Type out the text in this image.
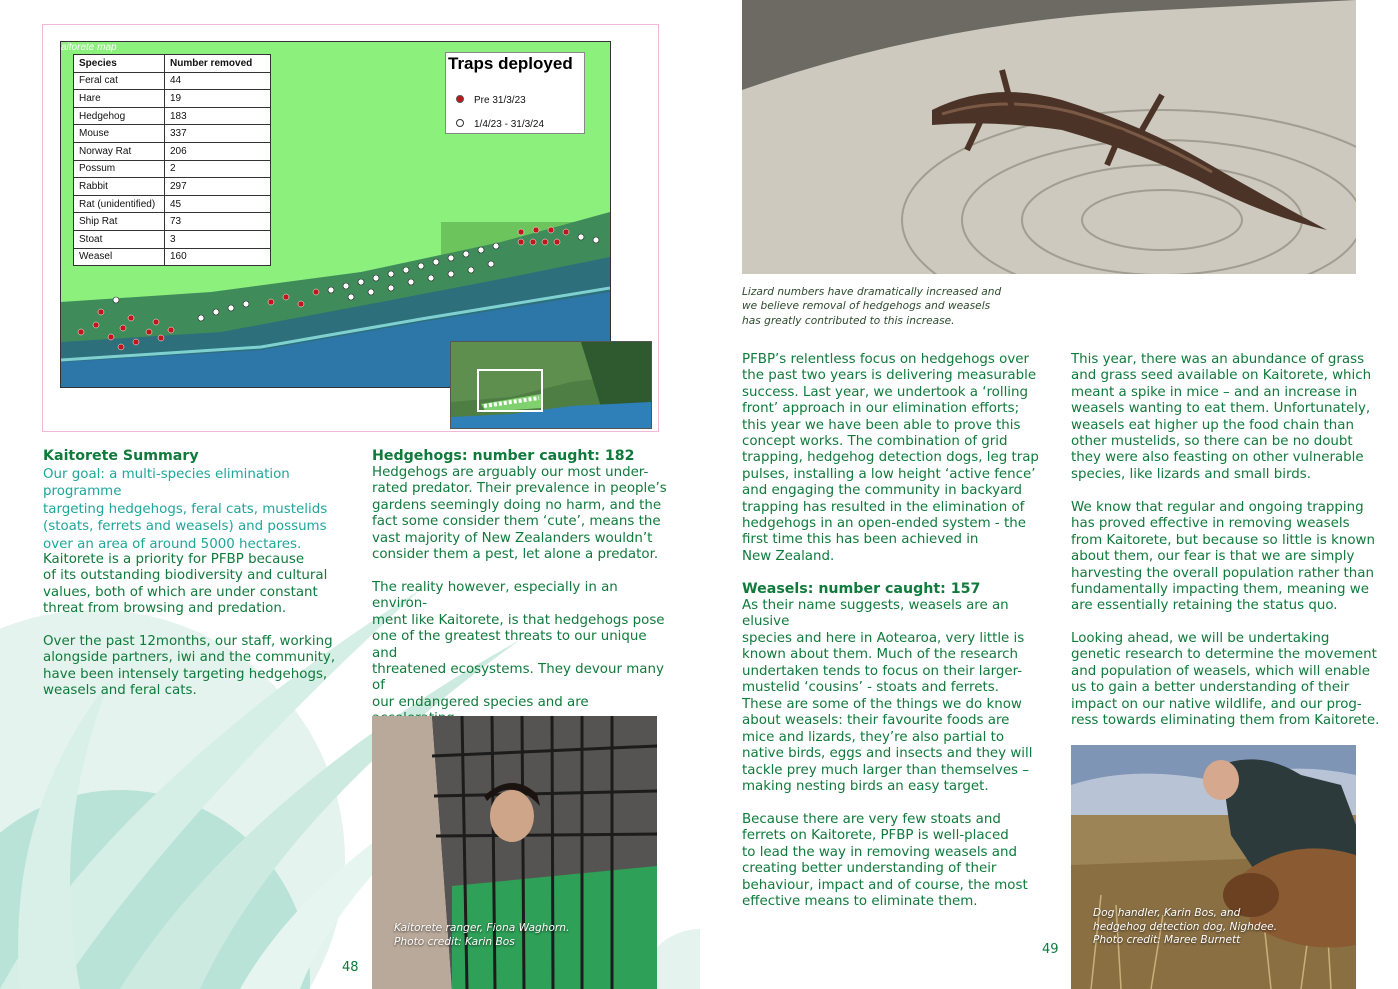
aitorete map
Species	Number removed
Feral cat	44
Hare	19
Hedgehog	183
Mouse	337
Norway Rat	206
Possum	2
Rabbit	297
Rat (unidentified)	45
Ship Rat	73
Stoat	3
Weasel	160
Traps deployed
Pre 31/3/23
1/4/23 - 31/3/24
Kaitorete Summary
Our goal: a multi-species elimination programme
targeting hedgehogs, feral cats, mustelids
(stoats, ferrets and weasels) and possums
over an area of around 5000 hectares.
Kaitorete is a priority for PFBP because
of its outstanding biodiversity and cultural
values, both of which are under constant
threat from browsing and predation.
Over the past 12months, our staff, working
alongside partners, iwi and the community,
have been intensely targeting hedgehogs,
weasels and feral cats.
Hedgehogs: number caught: 182
Hedgehogs are arguably our most under-
rated predator. Their prevalence in people’s
gardens seemingly doing no harm, and the
fact some consider them ‘cute’, means the
vast majority of New Zealanders wouldn’t
consider them a pest, let alone a predator.
The reality however, especially in an environ-
ment like Kaitorete, is that hedgehogs pose
one of the greatest threats to our unique and
threatened ecosystems. They devour many of
our endangered species and are

Kaitorete ranger, Fiona Waghorn.
Photo credit: Karin Bos
48
Lizard numbers have dramatically increased and
we believe removal of hedgehogs and weasels
has greatly contributed to this increase.
PFBP’s relentless focus on hedgehogs over
the past two years is delivering measurable
success. Last year, we undertook a ‘rolling
front’ approach in our elimination efforts;
this year we have been able to prove this
concept works. The combination of grid
trapping, hedgehog detection dogs, leg trap
pulses, installing a low height ‘active fence’
and engaging the community in backyard
trapping has resulted in the elimination of
hedgehogs in an open-ended system - the
first time this has been achieved in
New Zealand.
Weasels: number caught: 157
As their name suggests, weasels are an elusive
species and here in Aotearoa, very little is
known about them. Much of the research
undertaken tends to focus on their larger-
mustelid ‘cousins’ - stoats and ferrets.
These are some of the things we do know
about weasels: their favourite foods are
mice and lizards, they’re also partial to
native birds, eggs and insects and they will
tackle prey much larger than themselves –
making nesting birds an easy target.
Because there are very few stoats and
ferrets on Kaitorete, PFBP is well-placed
to lead the way in removing weasels and
creating better understanding of their
behaviour, impact and of course, the most
effective means to eliminate them.
This year, there was an abundance of grass
and grass seed available on Kaitorete, which
meant a spike in mice – and an increase in
weasels wanting to eat them. Unfortunately,
weasels eat higher up the food chain than
other mustelids, so there can be no doubt
they were also feasting on other vulnerable
species, like lizards and small birds.
We know that regular and ongoing trapping
has proved effective in removing weasels
from Kaitorete, but because so little is known
about them, our fear is that we are simply
harvesting the overall population rather than
fundamentally impacting them, meaning we
are essentially retaining the status quo.
Looking ahead, we will be undertaking
genetic research to determine the movement
and population of weasels, which will enable
us to gain a better understanding of their
impact on our native wildlife, and our prog-
ress towards eliminating them from Kaitorete.
Dog handler, Karin Bos, and
hedgehog detection dog, Nighdee.
Photo credit: Maree Burnett
49
